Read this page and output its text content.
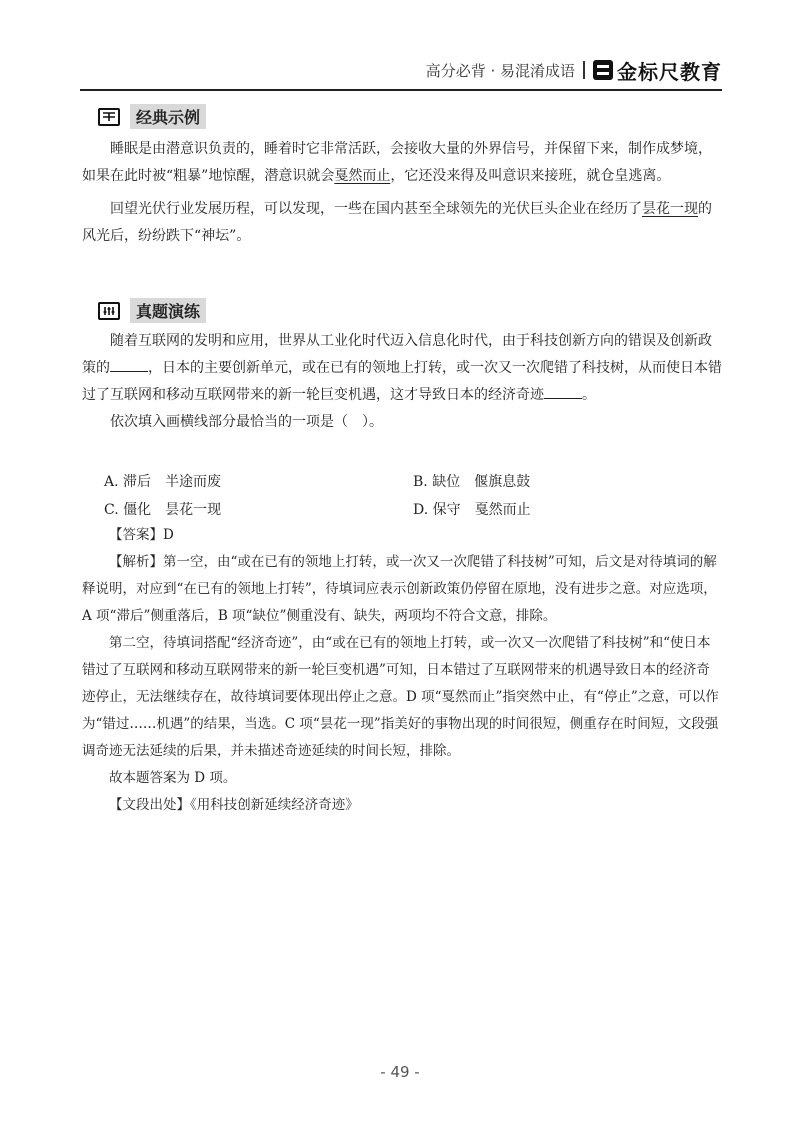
高分必背 · 易混淆成语 金标尺教育
经典示例

睡眠是由潜意识负责的，睡着时它非常活跃，会接收大量的外界信号，并保留下来，制作成梦境，如果在此时被“粗暴”地惊醒，潜意识就会戛然而止，它还没来得及叫意识来接班，就仓皇逃离。

回望光伏行业发展历程，可以发现，一些在国内甚至全球领先的光伏巨头企业在经历了昙花一现的风光后，纷纷跌下“神坛”。

真题演练

随着互联网的发明和应用，世界从工业化时代迈入信息化时代，由于科技创新方向的错误及创新政策的	，日本的主要创新单元，或在已有的领地上打转，或一次又一次爬错了科技树，从而使日本错过了互联网和移动互联网带来的新一轮巨变机遇，这才导致日本的经济奇迹	。

依次填入画横线部分最恰当的一项是（　）。

A. 滞后　半途而废	B. 缺位　偃旗息鼓
C. 僵化　昙花一现	D. 保守　戛然而止

【答案】D

【解析】第一空，由“或在已有的领地上打转，或一次又一次爬错了科技树”可知，后文是对待填词的解释说明，对应到“在已有的领地上打转”，待填词应表示创新政策仍停留在原地，没有进步之意。对应选项，A 项“滞后”侧重落后，B 项“缺位”侧重没有、缺失，两项均不符合文意，排除。

第二空，待填词搭配“经济奇迹”，由“或在已有的领地上打转，或一次又一次爬错了科技树”和“使日本错过了互联网和移动互联网带来的新一轮巨变机遇”可知，日本错过了互联网带来的机遇导致日本的经济奇迹停止，无法继续存在，故待填词要体现出停止之意。D 项“戛然而止”指突然中止，有“停止”之意，可以作为“错过……机遇”的结果，当选。C 项“昙花一现”指美好的事物出现的时间很短，侧重存在时间短，文段强调奇迹无法延续的后果，并未描述奇迹延续的时间长短，排除。

故本题答案为 D 项。

【文段出处】《用科技创新延续经济奇迹》

- 49 -
